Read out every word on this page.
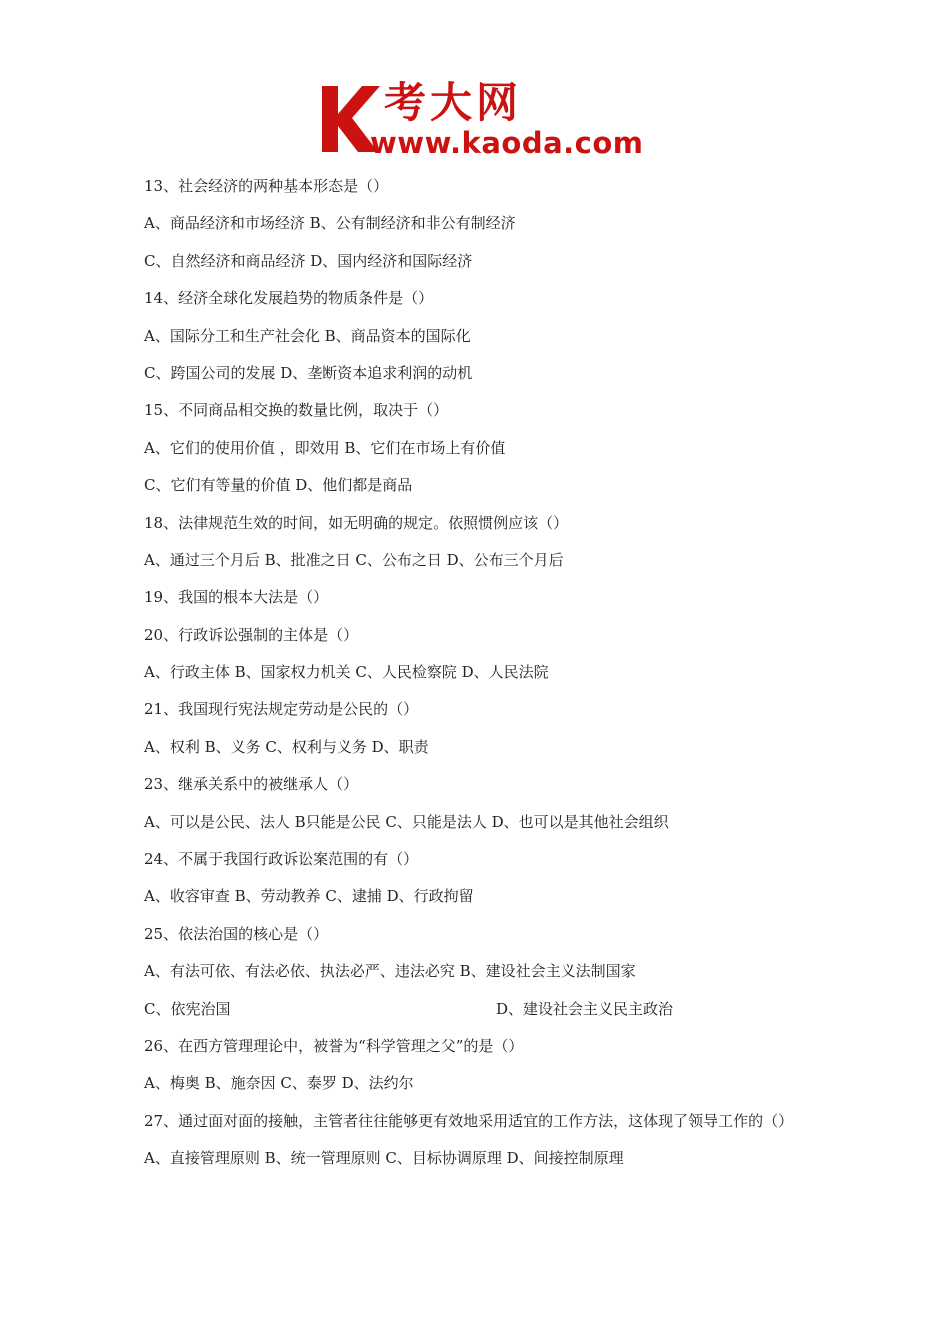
考大网
www.kaoda.com
13、社会经济的两种基本形态是（）
A、商品经济和市场经济 B、公有制经济和非公有制经济
C、自然经济和商品经济 D、国内经济和国际经济
14、经济全球化发展趋势的物质条件是（）
A、国际分工和生产社会化 B、商品资本的国际化
C、跨国公司的发展 D、垄断资本追求利润的动机
15、不同商品相交换的数量比例，取决于（）
A、它们的使用价值 ，即效用 B、它们在市场上有价值
C、它们有等量的价值 D、他们都是商品
18、法律规范生效的时间，如无明确的规定。依照惯例应该（）
A、通过三个月后 B、批准之日 C、公布之日 D、公布三个月后
19、我国的根本大法是（）
20、行政诉讼强制的主体是（）
A、行政主体 B、国家权力机关 C、人民检察院 D、人民法院
21、我国现行宪法规定劳动是公民的（）
A、权利 B、义务 C、权利与义务 D、职责
23、继承关系中的被继承人（）
A、可以是公民、法人 B只能是公民 C、只能是法人 D、也可以是其他社会组织
24、不属于我国行政诉讼案范围的有（）
A、收容审查 B、劳动教养 C、逮捕 D、行政拘留
25、依法治国的核心是（）
A、有法可依、有法必依、执法必严、违法必究 B、建设社会主义法制国家
C、依宪治国	D、建设社会主义民主政治
26、在西方管理理论中，被誉为“科学管理之父”的是（）
A、梅奥 B、施奈因 C、泰罗 D、法约尔
27、通过面对面的接触，主管者往往能够更有效地采用适宜的工作方法，这体现了领导工作的（）
A、直接管理原则 B、统一管理原则 C、目标协调原理 D、间接控制原理
